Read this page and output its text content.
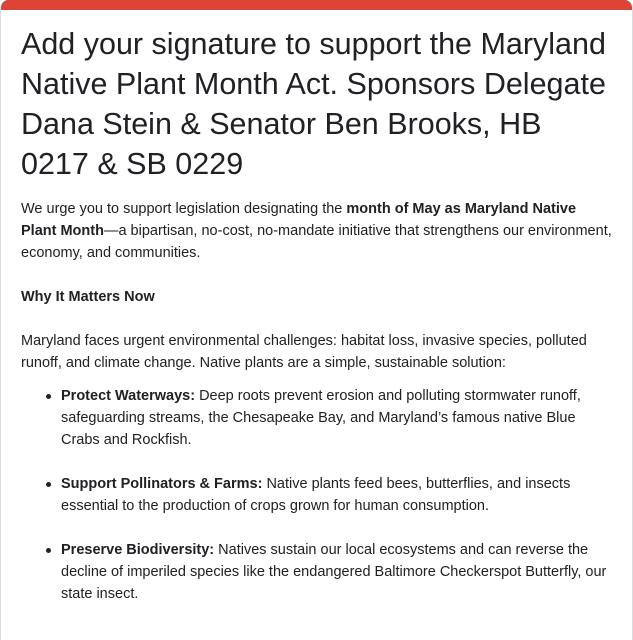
Add your signature to support the Maryland Native Plant Month Act. Sponsors Delegate Dana Stein & Senator Ben Brooks, HB 0217 & SB 0229

We urge you to support legislation designating the month of May as Maryland Native Plant Month—a bipartisan, no-cost, no-mandate initiative that strengthens our environment, economy, and communities.

Why It Matters Now

Maryland faces urgent environmental challenges: habitat loss, invasive species, polluted runoff, and climate change. Native plants are a simple, sustainable solution:

Protect Waterways: Deep roots prevent erosion and polluting stormwater runoff, safeguarding streams, the Chesapeake Bay, and Maryland’s famous native Blue Crabs and Rockfish.
Support Pollinators & Farms: Native plants feed bees, butterflies, and insects essential to the production of crops grown for human consumption.
Preserve Biodiversity: Natives sustain our local ecosystems and can reverse the decline of imperiled species like the endangered Baltimore Checkerspot Butterfly, our state insect.
